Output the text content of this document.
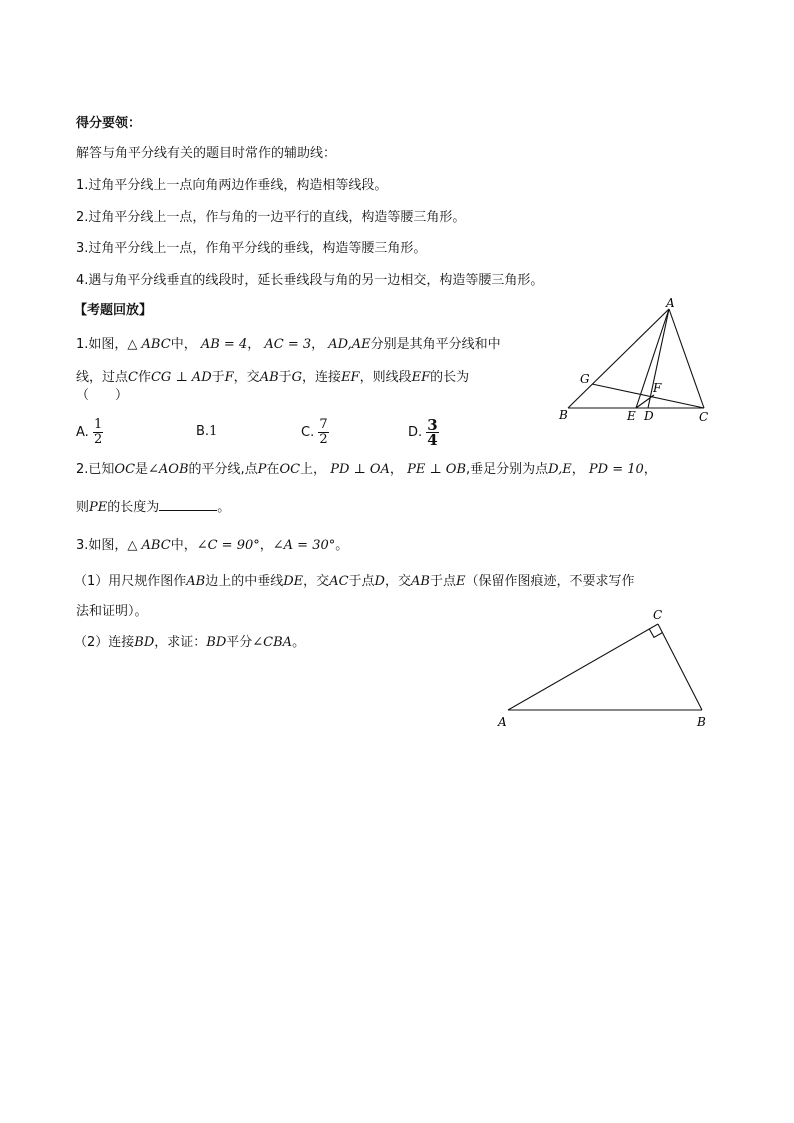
得分要领：
解答与角平分线有关的题目时常作的辅助线：
1.过角平分线上一点向角两边作垂线，构造相等线段。
2.过角平分线上一点，作与角的一边平行的直线，构造等腰三角形。
3.过角平分线上一点，作角平分线的垂线，构造等腰三角形。
4.遇与角平分线垂直的线段时，延长垂线段与角的另一边相交，构造等腰三角形。
【考题回放】
1.如图，△ ABC中， AB = 4， AC = 3， AD,AE分别是其角平分线和中
线，过点C作CG ⊥ AD于F，交AB于G，连接EF，则线段EF的长为
（　　）
A. $\frac{1}{2}$	B.1	C. $\frac{7}{2}$	D. $\frac{3}{4}$
A
B	C
G
E D
F
2.已知OC是∠AOB的平分线,点P在OC上， PD ⊥ OA， PE ⊥ OB,垂足分别为点D,E， PD = 10，
则PE的长度为	。
3.如图，△ ABC中，∠C = 90°，∠A = 30°。
（1）用尺规作图作AB边上的中垂线DE，交AC于点D，交AB于点E（保留作图痕迹，不要求写作
法和证明）。
（2）连接BD，求证：BD平分∠CBA。
A	B
C
